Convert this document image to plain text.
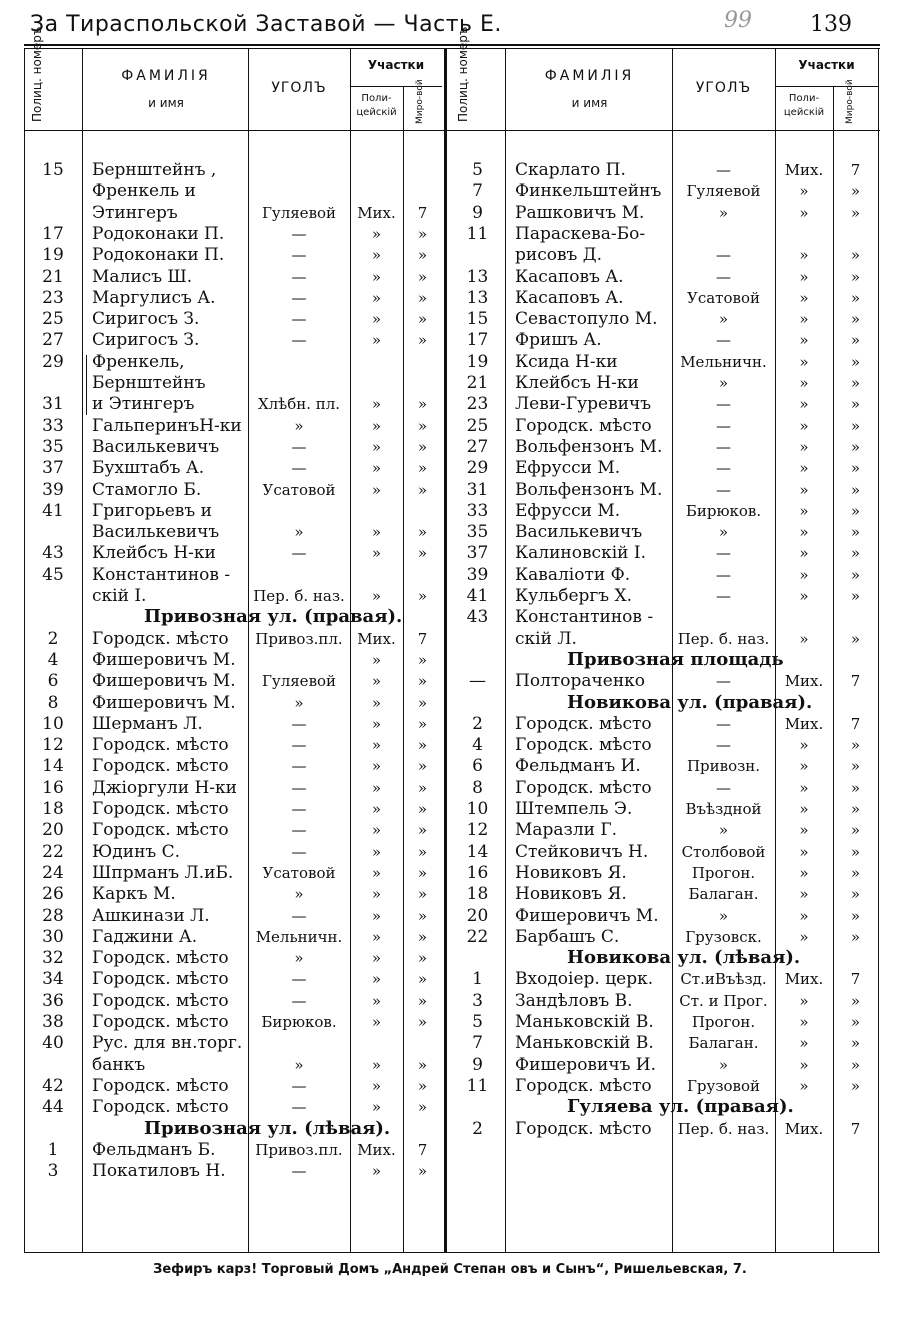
За Тираспольской Заставой — Часть Е.	99	139
Полиц. номеръ	ФАМИЛІЯ
и имя
УГОЛЪ
Участки
Поли-цейскій	Миро-вой	Полиц. номеръ	ФАМИЛІЯ
и имя
УГОЛЪ
Участки
Поли-цейскій	Миро-вой
15	Бернштейнъ ,
Френкель и
Этингеръ	Гуляевой	Мих.	7
17	Родоконаки П.	—	»	»
19	Родоконаки П.	—	»	»
21	Малисъ Ш.	—	»	»
23	Маргулисъ А.	—	»	»
25	Сиригосъ З.	—	»	»
27	Сиригосъ З.	—	»	»
29	Френкель,
Бернштейнъ
31	и Этингеръ	Хлѣбн. пл.	»	»
33	ГальперинъН-ки	»	»	»
35	Василькевичъ	—	»	»
37	Бухштабъ А.	—	»	»
39	Стамогло Б.	Усатовой	»	»
41	Григорьевъ и
Василькевичъ	»	»	»
43	Клейбсъ Н-ки	—	»	»
45	Константинов -
скій I.	Пер. б. наз.	»	»
Привозная ул. (правая).
2	Городск. мѣсто	Привоз.пл. Мих.	7
4	Фишеровичъ М.	»	»
6	Фишеровичъ М.	Гуляевой	»	»
8	Фишеровичъ М.	»	»	»
10	Шерманъ Л.	—	»	»
12	Городск. мѣсто	—	»	»
14	Городск. мѣсто	—	»	»
16	Джіоргули Н-ки	—	»	»
18	Городск. мѣсто	—	»	»
20	Городск. мѣсто	—	»	»
22	Юдинъ С.	—	»	»
24	Шпрманъ Л.иБ.	Усатовой	»	»
26	Каркъ М.	»	»	»
28	Ашкинази Л.	—	»	»
30	Гаджини А.	Мельничн.	»	»
32	Городск. мѣсто	»	»	»
34	Городск. мѣсто	—	»	»
36	Городск. мѣсто	—	»	»
38	Городск. мѣсто	Бирюков.	»	»
40	Рус. для вн.торг.
банкъ	»	»	»
42	Городск. мѣсто	—	»	»
44	Городск. мѣсто	—	»	»
Привозная ул. (лѣвая).
1	Фельдманъ Б.	Привоз.пл. Мих.	7
3	Покатиловъ Н.	—	»	»
5	Скарлато П.	—	Мих.	7
7	Финкельштейнъ	Гуляевой	»	»
9	Рашковичъ М.	»	»	»
11	Параскева-Бо-
рисовъ Д.	—	»	»
13	Касаповъ А.	—	»	»
13	Касаповъ А.	Усатовой	»	»
15	Севастопуло М.	»	»	»
17	Фришъ А.	—	»	»
19	Ксида Н-ки	Мельничн.	»	»
21	Клейбсъ Н-ки	»	»	»
23	Леви-Гуревичъ	—	»	»
25	Городск. мѣсто	—	»	»
27	Вольфензонъ М.	—	»	»
29	Ефрусси М.	—	»	»
31	Вольфензонъ М.	—	»	»
33	Ефрусси М.	Бирюков.	»	»
35	Василькевичъ	»	»	»
37	Калиновскій I.	—	»	»
39	Каваліоти Ф.	—	»	»
41	Кульбергъ Х.	—	»	»
43	Константинов -
скій Л.	Пер. б. наз.	»	»
Привозная площадь
—	Полтораченко	—	Мих.	7
Новикова ул. (правая).
2	Городск. мѣсто	—	Мих.	7
4	Городск. мѣсто	—	»	»
6	Фельдманъ И.	Привозн.	»	»
8	Городск. мѣсто	—	»	»
10	Штемпель Э.	Въѣздной	»	»
12	Маразли Г.	»	»	»
14	Стейковичъ Н.	Столбовой	»	»
16	Новиковъ Я.	Прогон.	»	»
18	Новиковъ Я.	Балаган.	»	»
20	Фишеровичъ М.	»	»	»
22	Барбашъ С.	Грузовск.	»	»
Новикова ул. (лѣвая).
1	Входоіер. церк.	Ст.иВъѣзд.	Мих.	7
3	Зандѣловъ В.	Ст. и Прог.	»	»
5	Маньковскій В.	Прогон.	»	»
7	Маньковскій В.	Балаган.	»	»
9	Фишеровичъ И.	»	»	»
11	Городск. мѣсто	Грузовой	»	»
Гуляева ул. (правая).
2	Городск. мѣсто	Пер. б. наз.	Мих.	7
Зефиръ карз! Торговый Домъ „Андрей Степан овъ и Сынъ“, Ришельевская, 7.
